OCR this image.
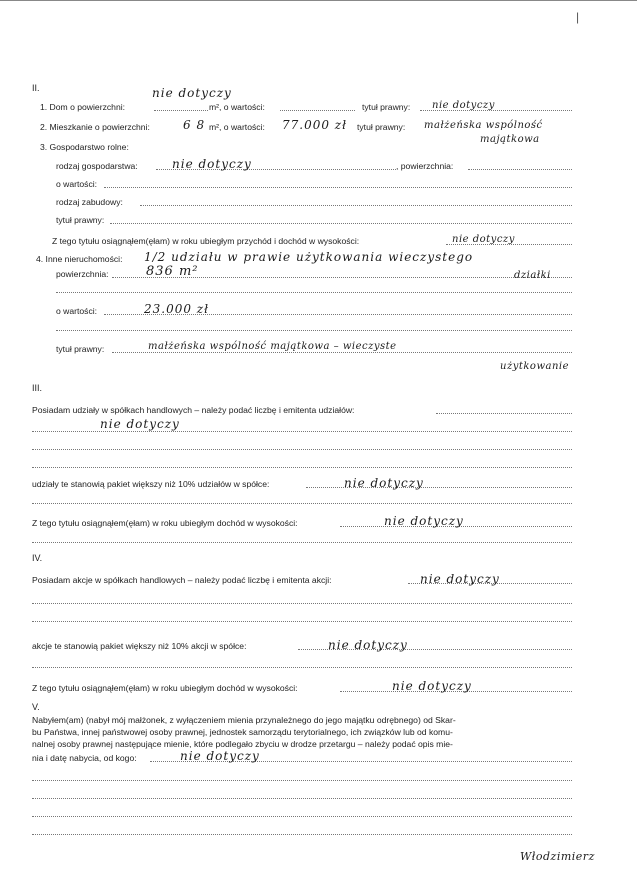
|
II.	nie dotyczy
1. Dom o powierzchni:	m², o wartości:	tytuł prawny: nie dotyczy
2. Mieszkanie o powierzchni:	6 8 m², o wartości: 77.000 zł tytuł prawny: małżeńska wspólność
majątkowa
3. Gospodarstwo rolne:
rodzaj gospodarstwa:	nie dotyczy	, powierzchnia:
o wartości:
rodzaj zabudowy:
tytuł prawny:
Z tego tytułu osiągnąłem(ęłam) w roku ubiegłym przychód i dochód w wysokości:	nie dotyczy
4. Inne nieruchomości: 1/2 udziału w prawie użytkowania wieczystego
powierzchnia:	836 m²	działki
o wartości:	23.000 zł
tytuł prawny:	małżeńska wspólność majątkowa – wieczyste
użytkowanie
III.
Posiadam udziały w spółkach handlowych – należy podać liczbę i emitenta udziałów:
nie dotyczy
udziały te stanowią pakiet większy niż 10% udziałów w spółce:	nie dotyczy
Z tego tytułu osiągnąłem(ęłam) w roku ubiegłym dochód w wysokości:	nie dotyczy
IV.
Posiadam akcje w spółkach handlowych – należy podać liczbę i emitenta akcji:	nie dotyczy
akcje te stanowią pakiet większy niż 10% akcji w spółce:	nie dotyczy
Z tego tytułu osiągnąłem(ęłam) w roku ubiegłym dochód w wysokości:	nie dotyczy
V.
Nabyłem(am) (nabył mój małżonek, z wyłączeniem mienia przynależnego do jego majątku odrębnego) od Skar-
bu Państwa, innej państwowej osoby prawnej, jednostek samorządu terytorialnego, ich związków lub od komu-
nalnej osoby prawnej następujące mienie, które podlegało zbyciu w drodze przetargu – należy podać opis mie-
nia i datę nabycia, od kogo:	nie dotyczy
Włodzimierz
